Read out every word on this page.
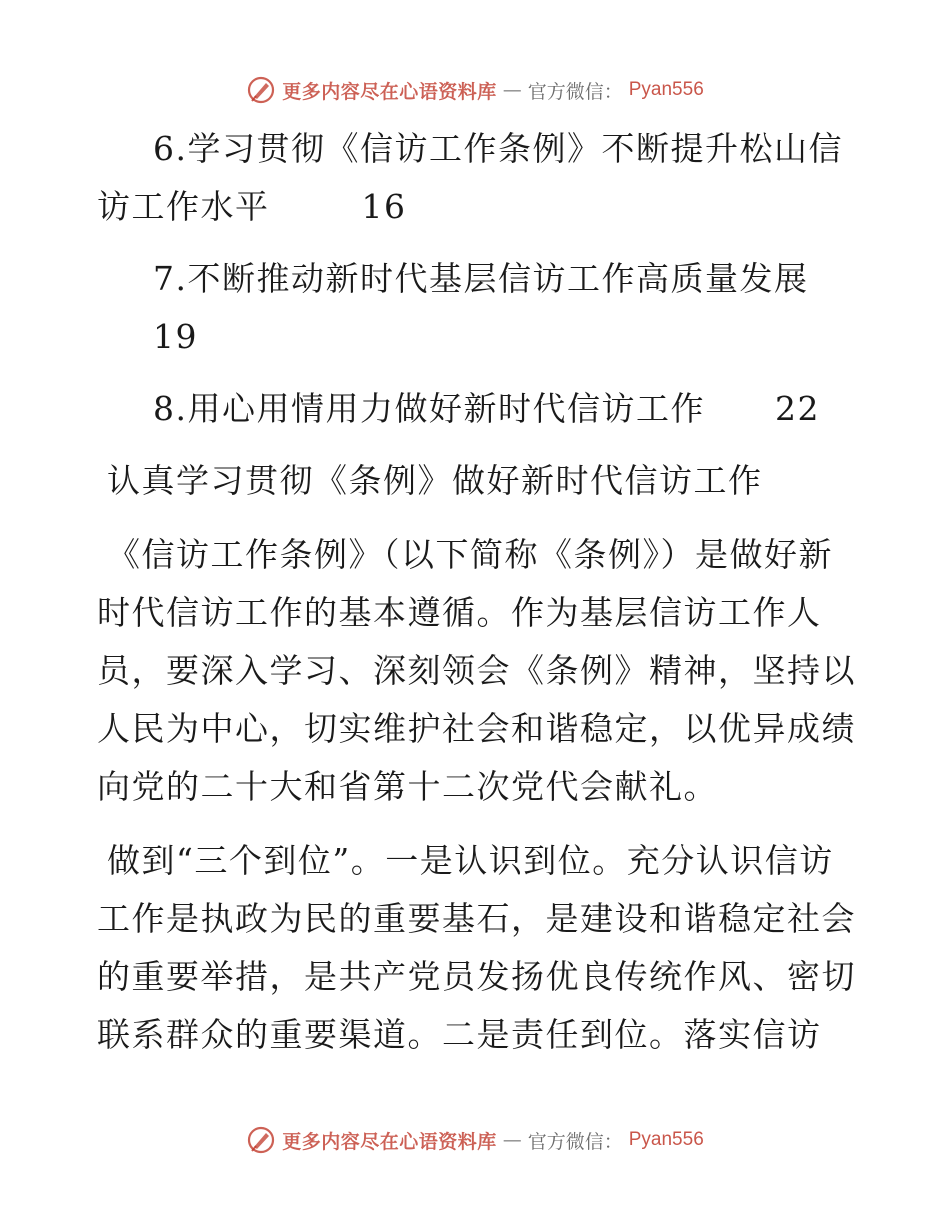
更多内容尽在心语资料库 — 官方微信： Pyan556

6.学习贯彻《信访工作条例》不断提升松山信访工作水平	16

7.不断推动新时代基层信访工作高质量发展
19

8.用心用情用力做好新时代信访工作 22

认真学习贯彻《条例》做好新时代信访工作

《信访工作条例》（以下简称《条例》）是做好新时代信访工作的基本遵循。作为基层信访工作人员，要深入学习、深刻领会《条例》精神，坚持以人民为中心，切实维护社会和谐稳定，以优异成绩向党的二十大和省第十二次党代会献礼。

做到“三个到位”。一是认识到位。充分认识信访工作是执政为民的重要基石，是建设和谐稳定社会的重要举措，是共产党员发扬优良传统作风、密切联系群众的重要渠道。二是责任到位。落实信访

更多内容尽在心语资料库 — 官方微信： Pyan556
